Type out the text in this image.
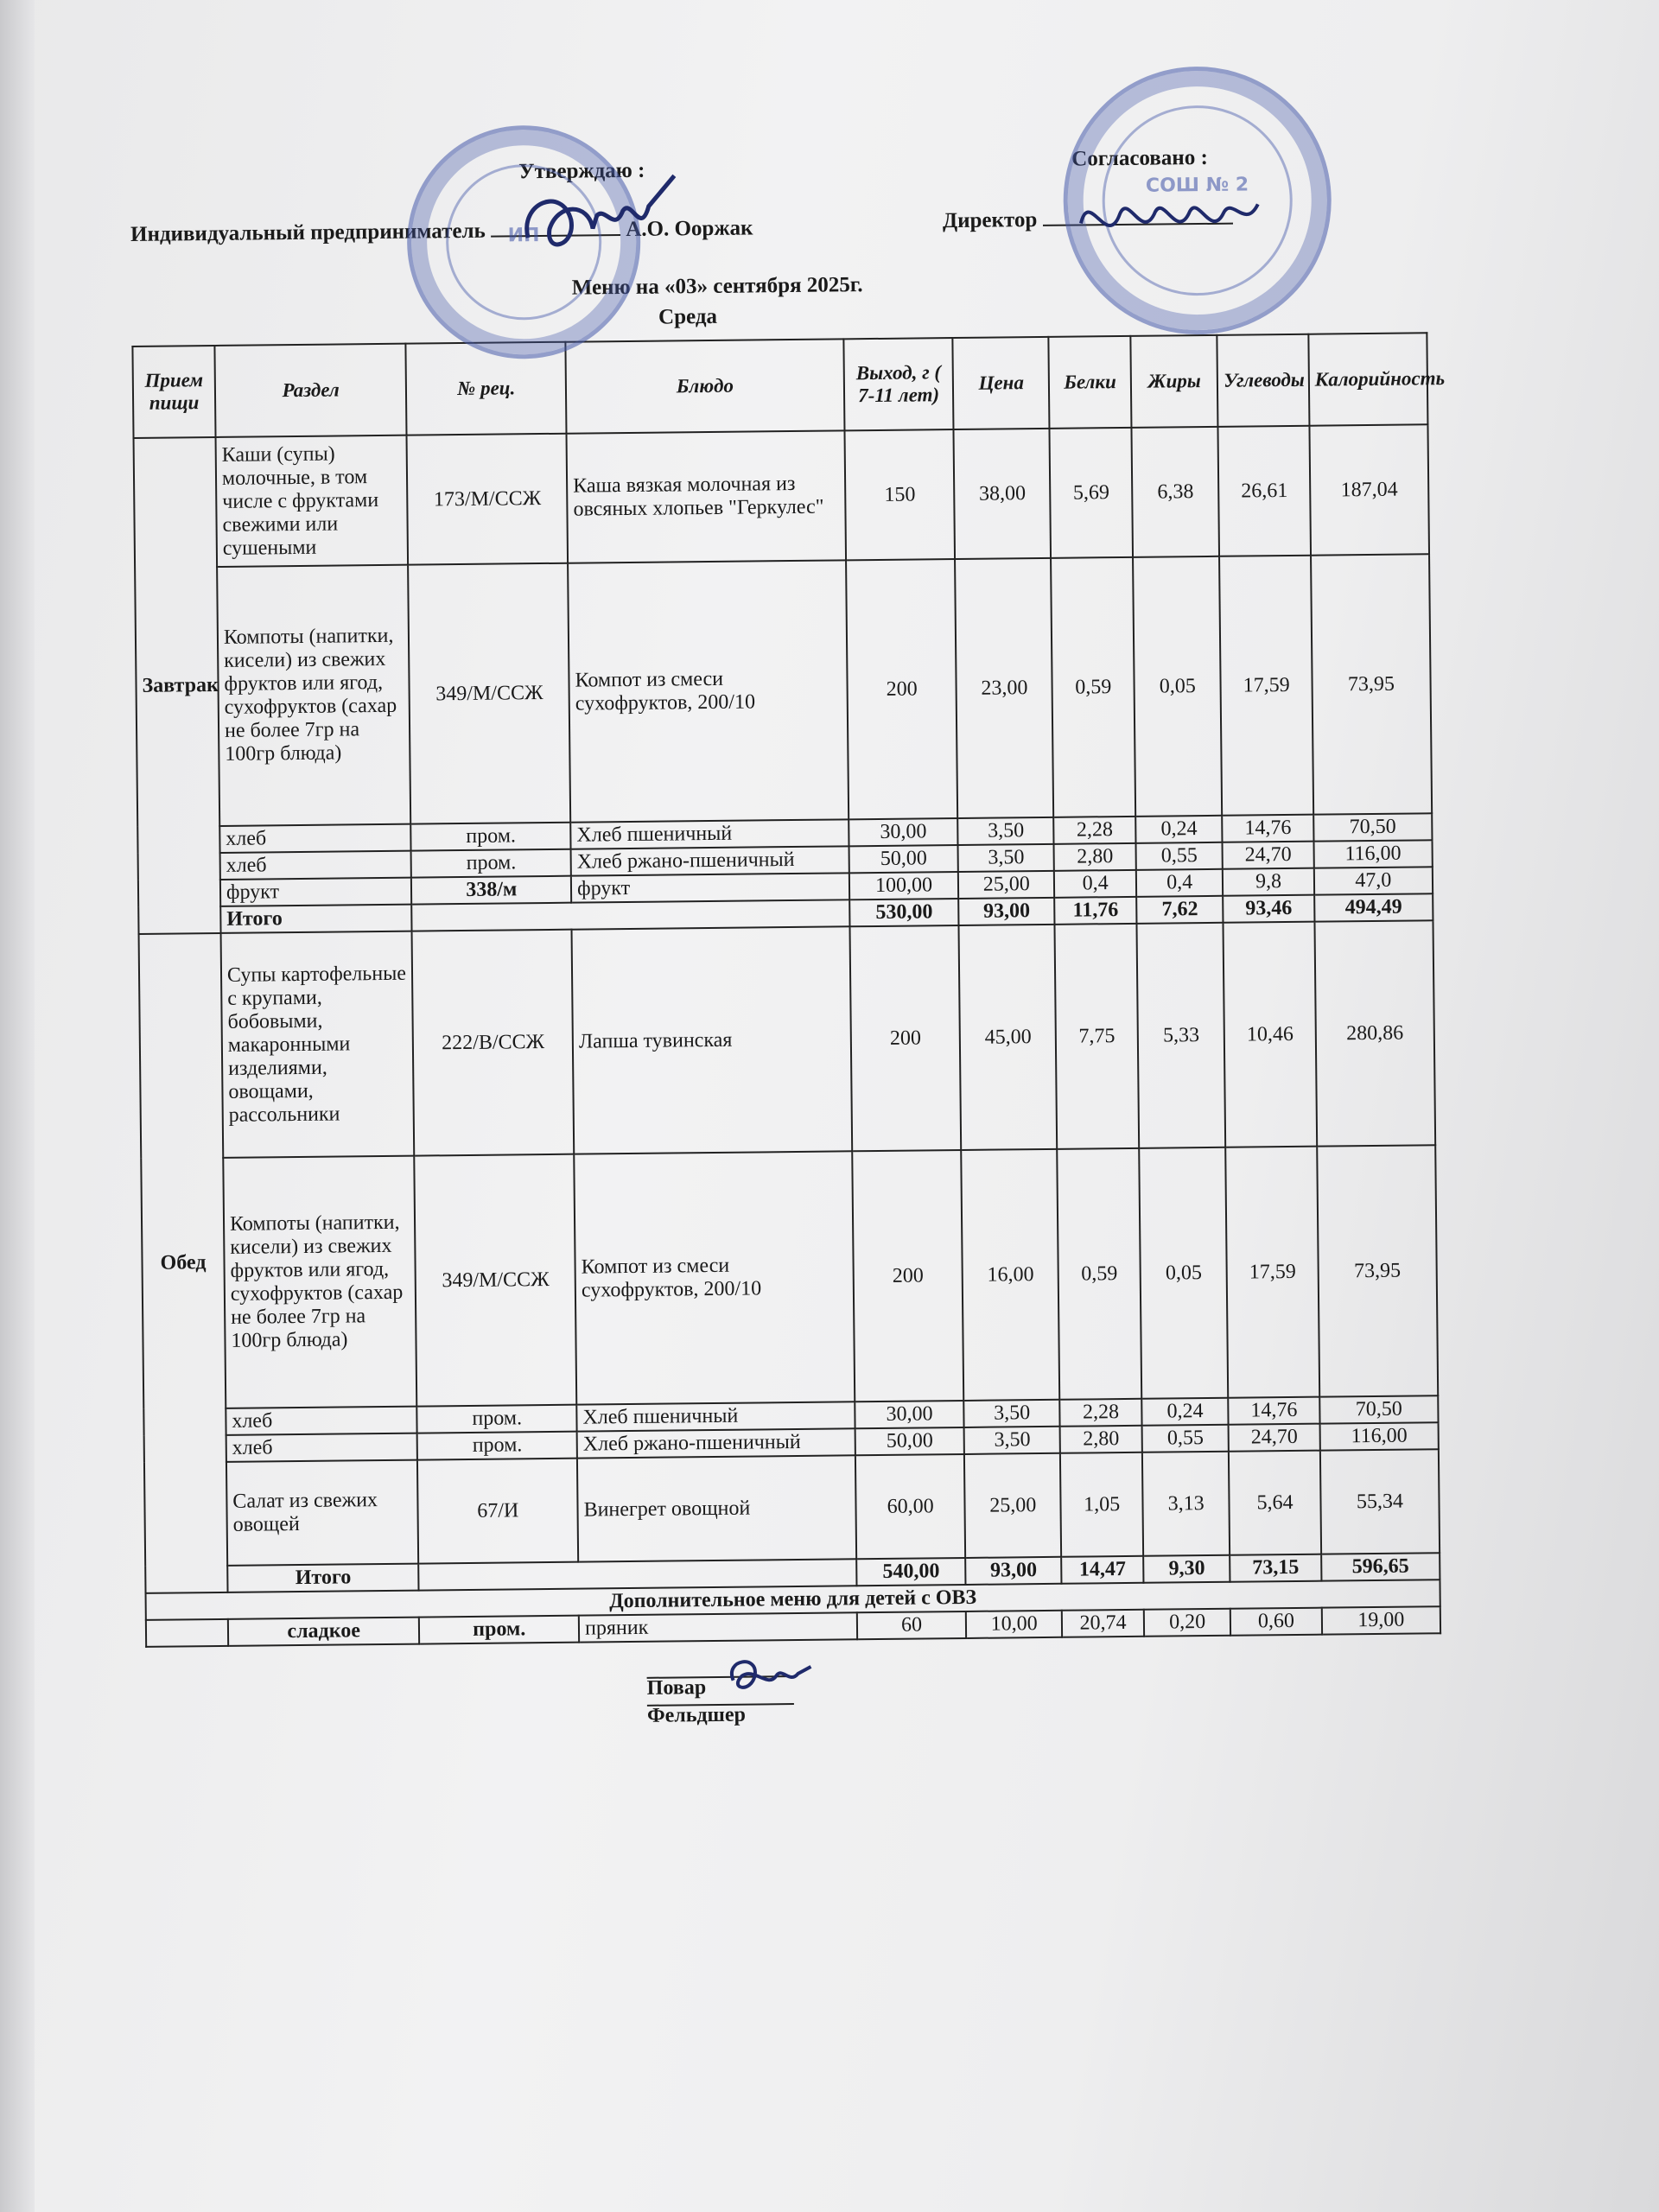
Утверждаю :
Согласовано :
Индивидуальный предприниматель	А.О. Ооржак	Директор
Меню на «03» сентября 2025г.
Среда
ИП
СОШ № 2
Прием пищи	Раздел	№ рец.	Блюдо	Выход, г ( 7-11 лет)	Цена	Белки	Жиры	Углеводы	Калорийность
Завтрак	Каши (супы) молочные, в том числе с фруктами свежими или сушеными	173/М/ССЖ	Каша вязкая молочная из овсяных хлопьев "Геркулес"	150	38,00	5,69	6,38	26,61	187,04
	Компоты (напитки, кисели) из свежих фруктов или ягод, сухофруктов (сахар не более 7гр на 100гр блюда)	349/М/ССЖ	Компот из смеси сухофруктов, 200/10	200	23,00	0,59	0,05	17,59	73,95
	хлеб	пром.	Хлеб пшеничный	30,00	3,50	2,28	0,24	14,76	70,50
	хлеб	пром.	Хлеб ржано-пшеничный	50,00	3,50	2,80	0,55	24,70	116,00
	фрукт	338/м	фрукт	100,00	25,00	0,4	0,4	9,8	47,0
	Итого			530,00	93,00	11,76	7,62	93,46	494,49
Обед	Супы картофельные с крупами, бобовыми, макаронными изделиями, овощами, рассольники	222/В/ССЖ	Лапша тувинская	200	45,00	7,75	5,33	10,46	280,86
	Компоты (напитки, кисели) из свежих фруктов или ягод, сухофруктов (сахар не более 7гр на 100гр блюда)	349/М/ССЖ	Компот из смеси сухофруктов, 200/10	200	16,00	0,59	0,05	17,59	73,95
	хлеб	пром.	Хлеб пшеничный	30,00	3,50	2,28	0,24	14,76	70,50
	хлеб	пром.	Хлеб ржано-пшеничный	50,00	3,50	2,80	0,55	24,70	116,00
	Салат из свежих овощей	67/И	Винегрет овощной	60,00	25,00	1,05	3,13	5,64	55,34
	Итого			540,00	93,00	14,47	9,30	73,15	596,65
Дополнительное меню для детей с ОВЗ									
	сладкое	пром.	пряник	60	10,00	20,74	0,20	0,60	19,00
Повар
Фельдшер
